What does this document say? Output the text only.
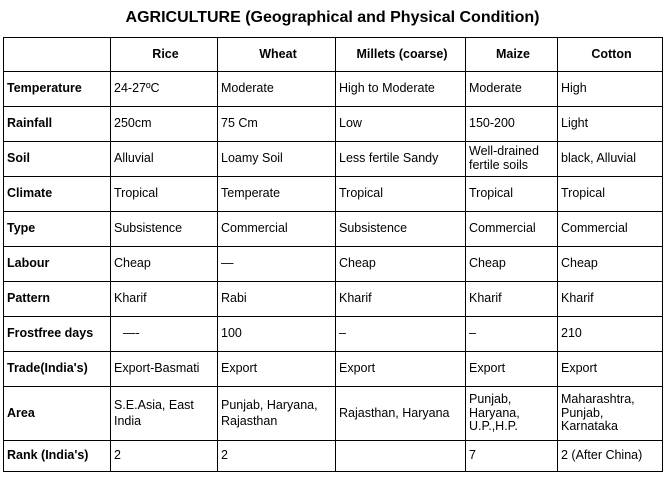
AGRICULTURE (Geographical and Physical Condition)
	Rice	Wheat	Millets (coarse)	Maize	Cotton
Temperature	24-27ºC	Moderate	High to Moderate	Moderate	High
Rainfall	250cm	75 Cm	Low	150-200	Light
Soil	Alluvial	Loamy Soil	Less fertile Sandy	Well-drained fertile soils	black, Alluvial
Climate	Tropical	Temperate	Tropical	Tropical	Tropical
Type	Subsistence	Commercial	Subsistence	Commercial	Commercial
Labour	Cheap	—	Cheap	Cheap	Cheap
Pattern	Kharif	Rabi	Kharif	Kharif	Kharif
Frostfree days	—-	100	–	–	210
Trade(India's)	Export-Basmati	Export	Export	Export	Export
Area	S.E.Asia, East India	Punjab, Haryana, Rajasthan	Rajasthan, Haryana	Punjab, Haryana, U.P.,H.P.	Maharashtra, Punjab, Karnataka
Rank (India's)	2	2		7	2 (After China)
